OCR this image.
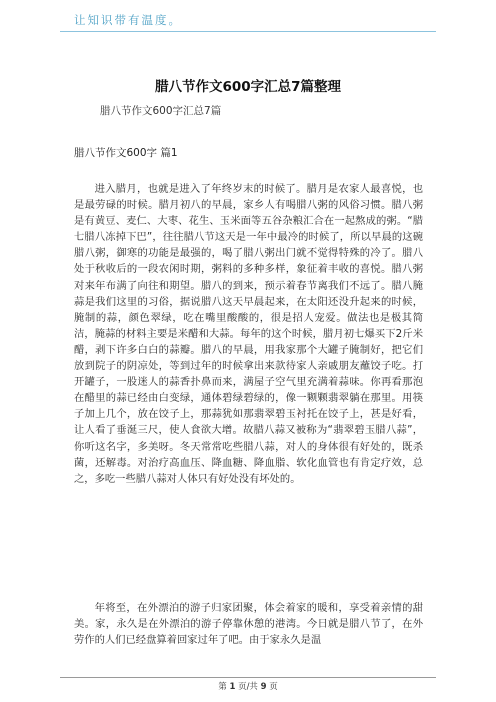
让知识带有温度。
腊八节作文600字汇总7篇整理
腊八节作文600字汇总7篇
腊八节作文600字 篇1

进入腊月，也就是进入了年终岁末的时候了。腊月是农家人最喜悦，也是最劳碌的时候。腊月初八的早晨，家乡人有喝腊八粥的风俗习惯。腊八粥是有黄豆、麦仁、大枣、花生、玉米面等五谷杂粮汇合在一起熬成的粥。“腊七腊八冻掉下巴”，往往腊八节这天是一年中最冷的时候了，所以早晨的这碗腊八粥，御寒的功能是最强的，喝了腊八粥出门就不觉得特殊的冷了。腊八处于秋收后的一段农闲时期，粥料的多种多样，象征着丰收的喜悦。腊八粥对来年布满了向往和期望。腊八的到来，预示着春节离我们不远了。腊八腌蒜是我们这里的习俗，据说腊八这天早晨起来，在太阳还没升起来的时候，腌制的蒜，颜色翠绿，吃在嘴里酸酸的，很是招人宠爱。做法也是极其简洁，腌蒜的材料主要是米醋和大蒜。每年的这个时候，腊月初七爆买下2斤米醋，剥下许多白白的蒜瓣。腊八的早晨，用我家那个大罐子腌制好，把它们放到院子的阴凉处，等到过年的时候拿出来款待家人亲戚朋友蘸饺子吃。打开罐子，一股迷人的蒜香扑鼻而来，满屋子空气里充满着蒜味。你再看那泡在醋里的蒜已经由白变绿，通体碧绿碧绿的，像一颗颗翡翠躺在那里。用筷子加上几个，放在饺子上，那蒜犹如那翡翠碧玉衬托在饺子上，甚是好看，让人看了垂涎三尺，使人食欲大增。故腊八蒜又被称为“翡翠碧玉腊八蒜”，你听这名字，多美呀。冬天常常吃些腊八蒜，对人的身体很有好处的，既杀菌，还解毒。对治疗高血压、降血糖、降血脂、软化血管也有肯定疗效，总之，多吃一些腊八蒜对人体只有好处没有坏处的。

年将至，在外漂泊的游子归家团聚，体会着家的暖和，享受着亲情的甜美。家，永久是在外漂泊的游子停靠休憩的港湾。今日就是腊八节了，在外劳作的人们已经盘算着回家过年了吧。由于家永久是温

第 1 页/共 9 页
